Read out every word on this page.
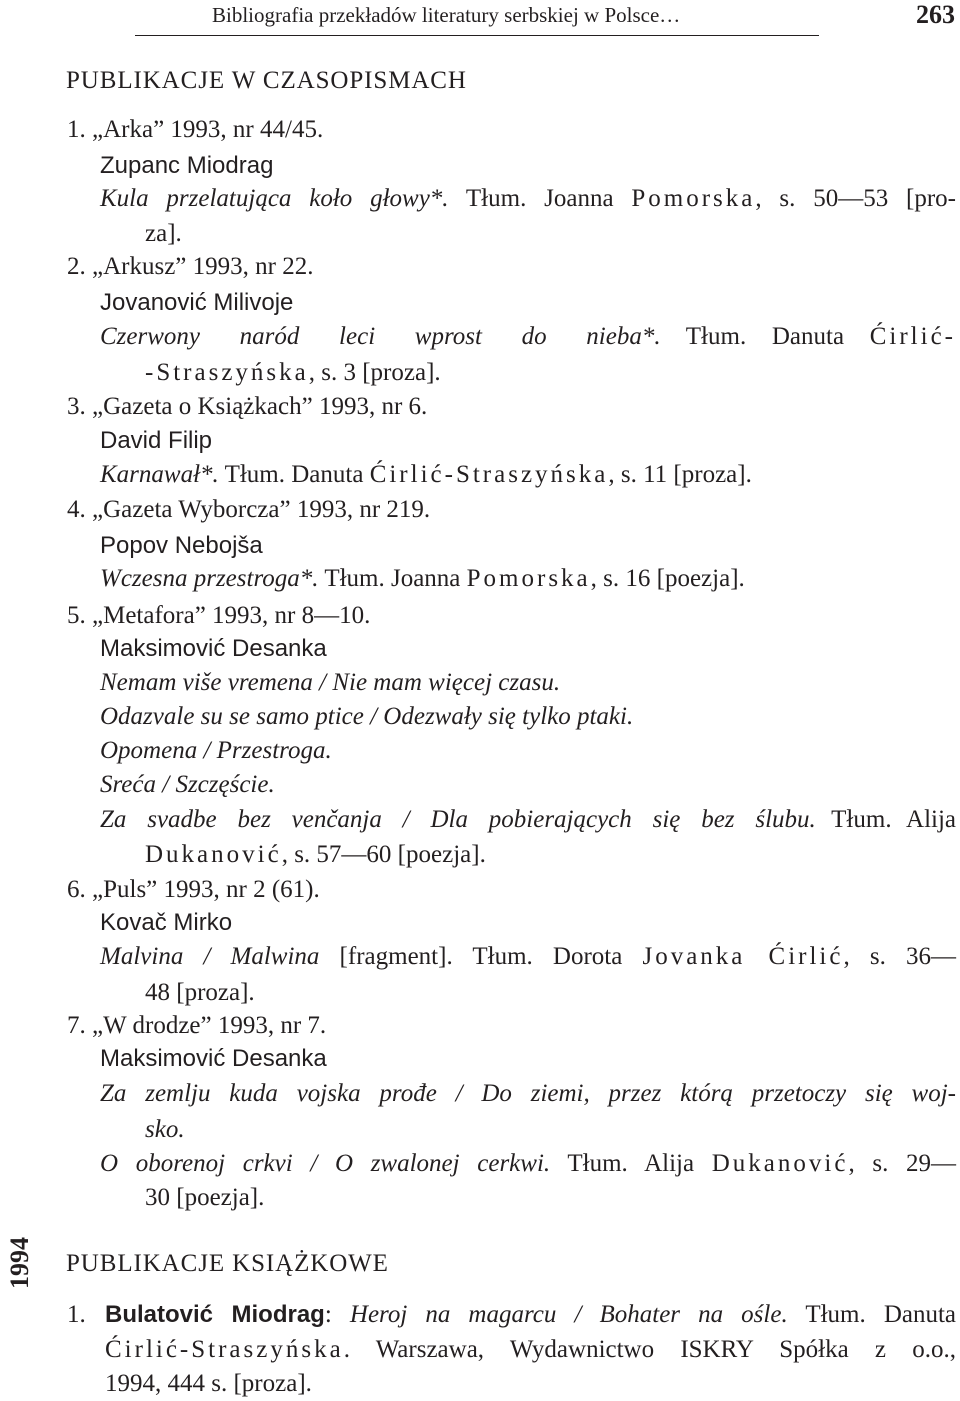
Bibliografia przekładów literatury serbskiej w Polsce…	263
PUBLIKACJE W CZASOPISMACH
1. „Arka” 1993, nr 44/45.
Zupanc Miodrag
Kula przelatująca koło głowy*. Tłum. Joanna Pomorska, s. 50—53 [pro-
za].
2. „Arkusz” 1993, nr 22.
Jovanović Milivoje
Czerwony naród leci wprost do nieba*. Tłum. Danuta Ćirlić-
-Straszyńska, s. 3 [proza].
3. „Gazeta o Książkach” 1993, nr 6.
David Filip
Karnawał*. Tłum. Danuta Ćirlić-Straszyńska, s. 11 [proza].
4. „Gazeta Wyborcza” 1993, nr 219.
Popov Nebojša
Wczesna przestroga*. Tłum. Joanna Pomorska, s. 16 [poezja].
5. „Metafora” 1993, nr 8—10.
Maksimović Desanka
Nemam više vremena / Nie mam więcej czasu.
Odazvale su se samo ptice / Odezwały się tylko ptaki.
Opomena / Przestroga.
Sreća / Szczęście.
Za svadbe bez venčanja / Dla pobierających się bez ślubu. Tłum. Alija
Dukanović, s. 57—60 [poezja].
6. „Puls” 1993, nr 2 (61).
Kovač Mirko
Malvina / Malwina [fragment]. Tłum. Dorota Jovanka Ćirlić, s. 36—
48 [proza].
7. „W drodze” 1993, nr 7.
Maksimović Desanka
Za zemlju kuda vojska prođe / Do ziemi, przez którą przetoczy się woj-
sko.
O oborenoj crkvi / O zwalonej cerkwi. Tłum. Alija Dukanović, s. 29—
30 [poezja].
1994 PUBLIKACJE KSIĄŻKOWE
1. Bulatović Miodrag: Heroj na magarcu / Bohater na ośle. Tłum. Danuta
Ćirlić-Straszyńska. Warszawa, Wydawnictwo ISKRY Spółka z o.o.,
1994, 444 s. [proza].
